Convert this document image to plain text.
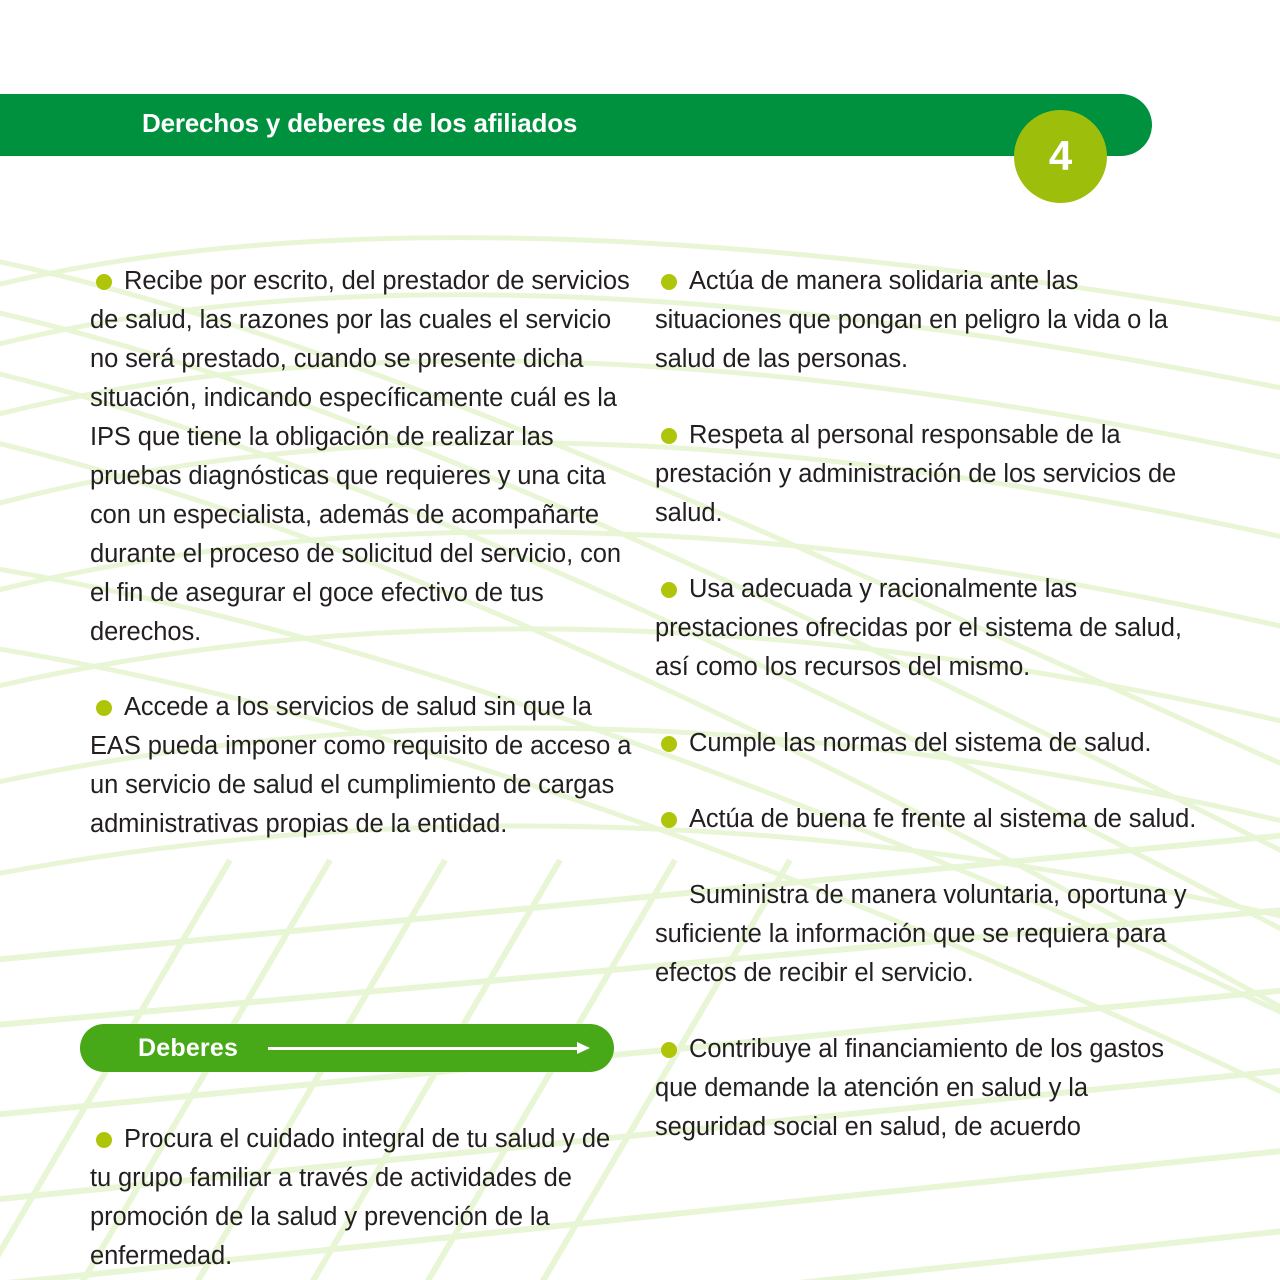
Derechos y deberes de los afiliados
4

Recibe por escrito, del prestador de servicios de salud, las razones por las cuales el servicio no será prestado, cuando se presente dicha situación, indicando específicamente cuál es la IPS que tiene la obligación de realizar las pruebas diagnósticas que requieres y una cita con un especialista, además de acompañarte durante el proceso de solicitud del servicio, con el fin de asegurar el goce efectivo de tus derechos.

Accede a los servicios de salud sin que la EAS pueda imponer como requisito de acceso a un servicio de salud el cumplimiento de cargas administrativas propias de la entidad.

Actúa de manera solidaria ante las situaciones que pongan en peligro la vida o la salud de las personas.

Respeta al personal responsable de la prestación y administración de los servicios de salud.

Usa adecuada y racionalmente las prestaciones ofrecidas por el sistema de salud, así como los recursos del mismo.

Cumple las normas del sistema de salud.

Actúa de buena fe frente al sistema de salud.

Suministra de manera voluntaria, oportuna y suficiente la información que se requiera para efectos de recibir el servicio.

Contribuye al financiamiento de los gastos que demande la atención en salud y la seguridad social en salud, de acuerdo

Deberes

Procura el cuidado integral de tu salud y de tu grupo familiar a través de actividades de promoción de la salud y prevención de la enfermedad.
